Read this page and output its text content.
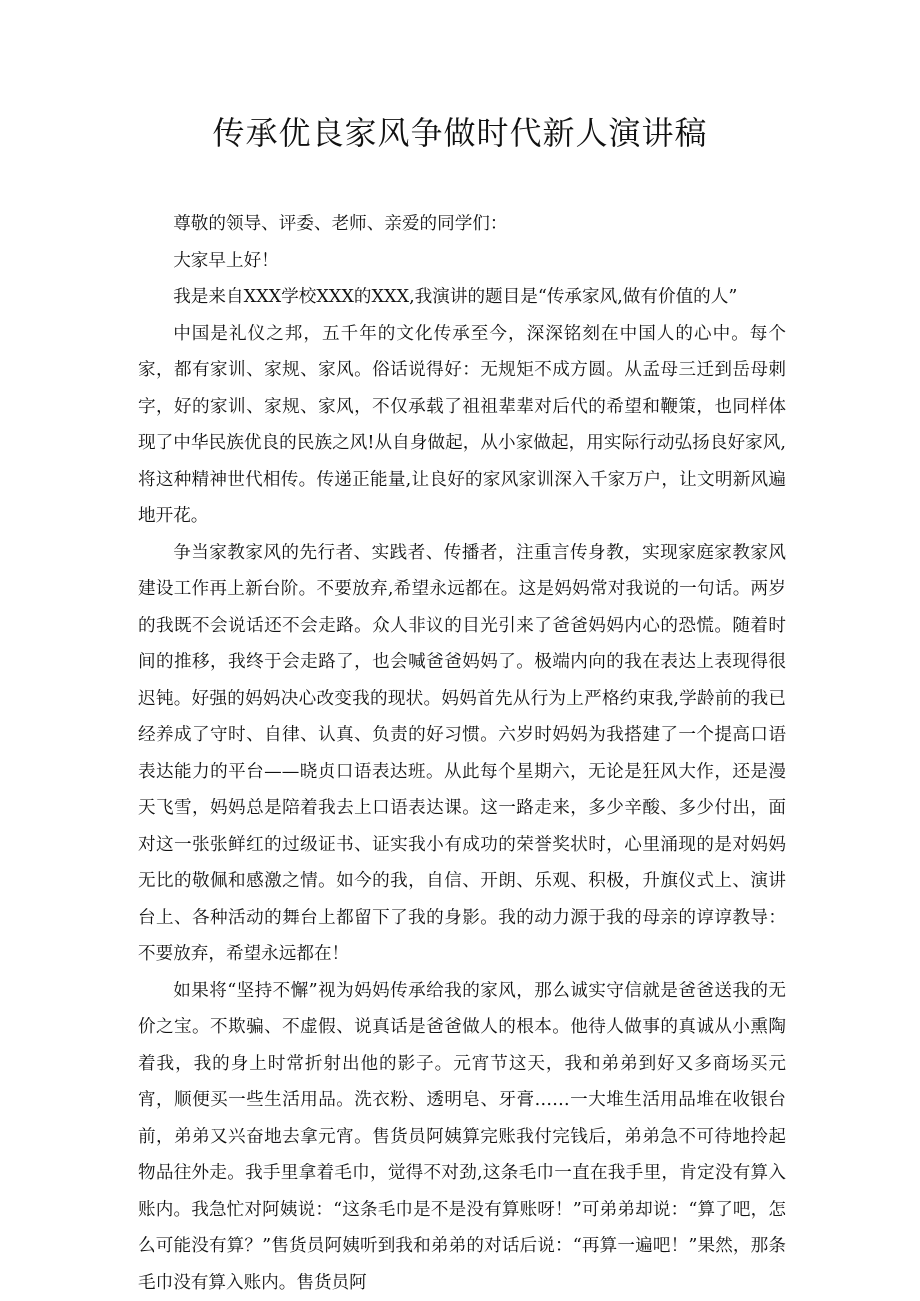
传承优良家风争做时代新人演讲稿

尊敬的领导、评委、老师、亲爱的同学们：

大家早上好！

我是来自XXX学校XXX的XXX,我演讲的题目是“传承家风,做有价值的人”

中国是礼仪之邦，五千年的文化传承至今，深深铭刻在中国人的心中。每个家，都有家训、家规、家风。俗话说得好：无规矩不成方圆。从孟母三迁到岳母刺字，好的家训、家规、家风，不仅承载了祖祖辈辈对后代的希望和鞭策，也同样体现了中华民族优良的民族之风!从自身做起，从小家做起，用实际行动弘扬良好家风,将这种精神世代相传。传递正能量,让良好的家风家训深入千家万户，让文明新风遍地开花。

争当家教家风的先行者、实践者、传播者，注重言传身教，实现家庭家教家风建设工作再上新台阶。不要放弃,希望永远都在。这是妈妈常对我说的一句话。两岁的我既不会说话还不会走路。众人非议的目光引来了爸爸妈妈内心的恐慌。随着时间的推移，我终于会走路了，也会喊爸爸妈妈了。极端内向的我在表达上表现得很迟钝。好强的妈妈决心改变我的现状。妈妈首先从行为上严格约束我,学龄前的我已经养成了守时、自律、认真、负责的好习惯。六岁时妈妈为我搭建了一个提高口语表达能力的平台——晓贞口语表达班。从此每个星期六，无论是狂风大作，还是漫天飞雪，妈妈总是陪着我去上口语表达课。这一路走来，多少辛酸、多少付出，面对这一张张鲜红的过级证书、证实我小有成功的荣誉奖状时，心里涌现的是对妈妈无比的敬佩和感激之情。如今的我，自信、开朗、乐观、积极，升旗仪式上、演讲台上、各种活动的舞台上都留下了我的身影。我的动力源于我的母亲的谆谆教导：不要放弃，希望永远都在！

如果将“坚持不懈”视为妈妈传承给我的家风，那么诚实守信就是爸爸送我的无价之宝。不欺骗、不虚假、说真话是爸爸做人的根本。他待人做事的真诚从小熏陶着我，我的身上时常折射出他的影子。元宵节这天，我和弟弟到好又多商场买元宵，顺便买一些生活用品。洗衣粉、透明皂、牙膏……一大堆生活用品堆在收银台前，弟弟又兴奋地去拿元宵。售货员阿姨算完账我付完钱后，弟弟急不可待地拎起物品往外走。我手里拿着毛巾，觉得不对劲,这条毛巾一直在我手里，肯定没有算入账内。我急忙对阿姨说：“这条毛巾是不是没有算账呀！”可弟弟却说：“算了吧，怎么可能没有算？”售货员阿姨听到我和弟弟的对话后说：“再算一遍吧！”果然，那条毛巾没有算入账内。售货员阿
